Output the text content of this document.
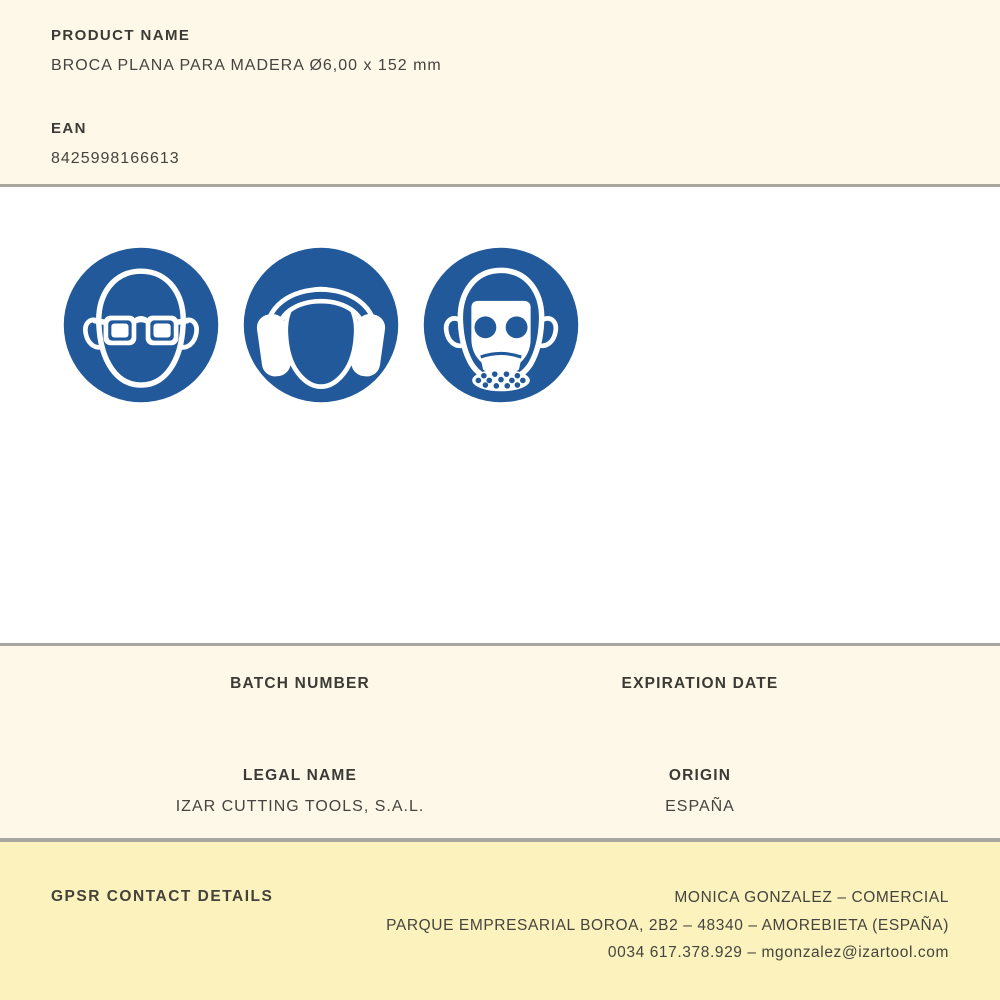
PRODUCT NAME
BROCA PLANA PARA MADERA Ø6,00 x 152 mm
EAN
8425998166613
BATCH NUMBER	EXPIRATION DATE
LEGAL NAME
IZAR CUTTING TOOLS, S.A.L.
ORIGIN
ESPAÑA
GPSR CONTACT DETAILS	MONICA GONZALEZ – COMERCIAL
PARQUE EMPRESARIAL BOROA, 2B2 – 48340 – AMOREBIETA (ESPAÑA)
0034 617.378.929 – mgonzalez@izartool.com
